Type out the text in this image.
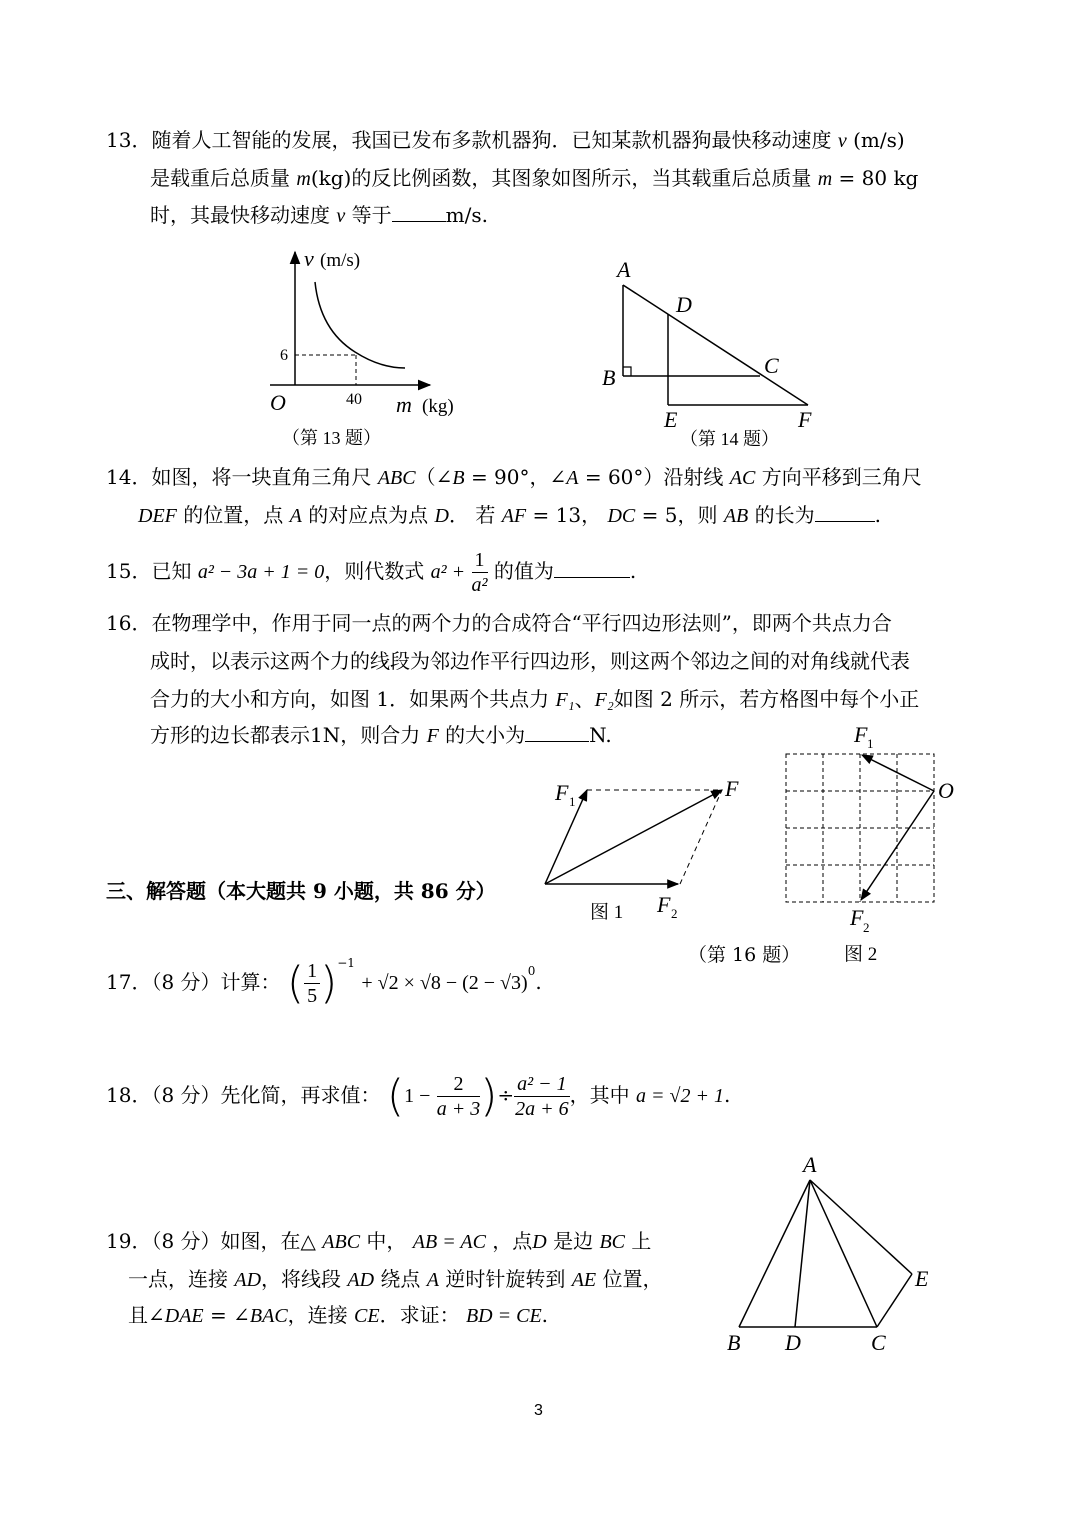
13．随着人工智能的发展，我国已发布多款机器狗．已知某款机器狗最快移动速度 v (m/s)
是载重后总质量 m(kg)的反比例函数，其图象如图所示，当其载重后总质量 m = 80 kg
时，其最快移动速度 v 等于	m/s.
v (m/s)
6
40
O	m (kg)
（第 13 题）
A
B	C
D
E	F
（第 14 题）
14．如图，将一块直角三角尺 ABC（∠B = 90°，∠A = 60°）沿射线 AC 方向平移到三角尺
DEF 的位置，点 A 的对应点为点 D． 若 AF = 13， DC = 5，则 AB 的长为	.
15．已知 a² − 3a + 1 = 0，则代数式 $a^2 + \frac{1}{\text{a²}}$ 的值为	.
16．在物理学中，作用于同一点的两个力的合成符合“平行四边形法则”，即两个共点力合
成时，以表示这两个力的线段为邻边作平行四边形，则这两个邻边之间的对角线就代表
合力的大小和方向，如图 1．如果两个共点力 F₁、F₂如图 2 所示，若方格图中每个小正
方形的边长都表示1N，则合力 F 的大小为	N.
F 1
F
F 2
图 1
F 1
O
F 2
图 2
（第 16 题）
三、解答题（本大题共 9 小题，共 86 分）
17．（8 分）计算： ( $\frac{1}{5} )^{-1} + √2 \times √8 - (2 - √3)^0$.
18．（8 分）先化简，再求值： ($1 - \frac{2}{a + 3}$ )÷ $\frac{\text{a² − 1}}{2a + 6}$ ，其中 a = √2 + 1.
19．（8 分）如图，在△ ABC 中， AB = AC ，点D 是边 BC 上
一点，连接 AD，将线段 AD 绕点 A 逆时针旋转到 AE 位置，
且∠DAE = ∠BAC，连接 CE．求证： BD = CE.
A
B D	C
E
3
